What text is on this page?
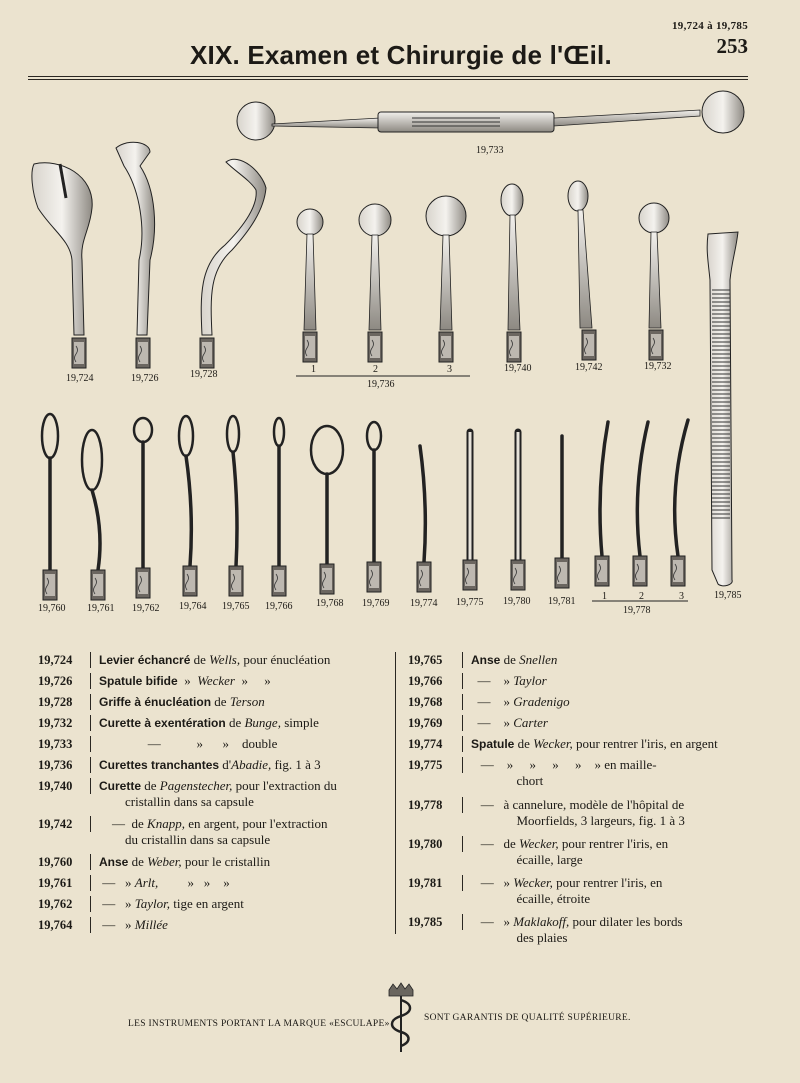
19,724 à 19,785
253
XIX. Examen et Chirurgie de l'Œil.
19,733
19,724	19,726	19,728	1	2	3
19,736
19,740	19,742	19,732
19,785
19,760 19,761 19,762 19,764 19,765 19,766 19,768 19,769 19,774 19,775 19,780 19,781	1	2	3
19,778
19,724	Levier échancré de Wells, pour énucléation
19,726	Spatule bifide  »  Wecker  »     »
19,728	Griffe à énucléation de Terson
19,732	Curette à exentération de Bunge, simple
19,733	—           »      »    double
19,736	Curettes tranchantes d'Abadie, fig. 1 à 3
19,740	Curette de Pagenstecher, pour l'extraction du
cristallin dans sa capsule
19,742	—  de Knapp, en argent, pour l'extraction
du cristallin dans sa capsule
19,760	Anse de Weber, pour le cristallin
19,761	—   » Arlt,         »   »    »
19,762	—   » Taylor, tige en argent
19,764	—   » Millée
19,765	Anse de Snellen
19,766	—    » Taylor
19,768	—    » Gradenigo
19,769	—    » Carter
19,774	Spatule de Wecker, pour rentrer l'iris, en argent
19,775	—    »     »     »     »    » en maille-
chort
19,778	—   à cannelure, modèle de l'hôpital de
Moorfields, 3 largeurs, fig. 1 à 3
19,780	—   de Wecker, pour rentrer l'iris, en
écaille, large
19,781	—   » Wecker, pour rentrer l'iris, en
écaille, étroite
19,785	—   » Maklakoff, pour dilater les bords
des plaies
LES INSTRUMENTS PORTANT LA MARQUE «ESCULAPE»
SONT GARANTIS DE QUALITÉ SUPÉRIEURE.
